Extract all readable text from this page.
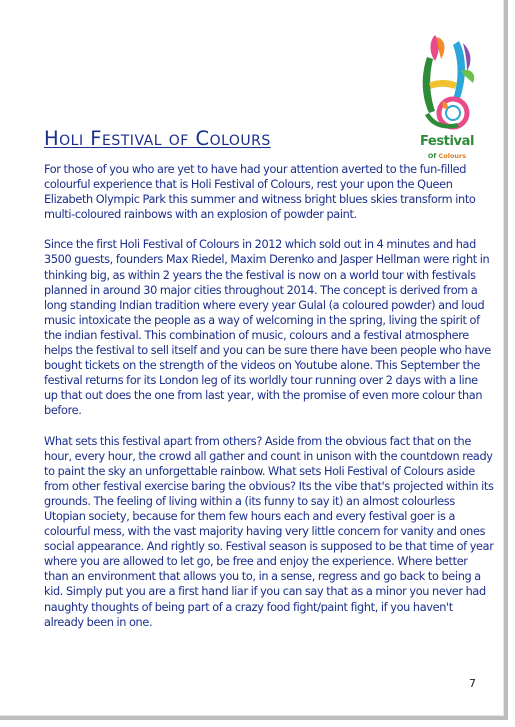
Festival
Of Colours
Holi Festival of Colours

For those of you who are yet to have had your attention averted to the fun-filled colourful experience that is Holi Festival of Colours, rest your upon the Queen Elizabeth Olympic Park this summer and witness bright blues skies transform into multi-coloured rainbows with an explosion of powder paint.

Since the first Holi Festival of Colours in 2012 which sold out in 4 minutes and had 3500 guests, founders Max Riedel, Maxim Derenko and Jasper Hellman were right in thinking big, as within 2 years the the festival is now on a world tour with festivals planned in around 30 major cities throughout 2014. The concept is derived from a long standing Indian tradition where every year Gulal (a coloured powder) and loud music intoxicate the people as a way of welcoming in the spring, living the spirit of the indian festival. This combination of music, colours and a festival atmosphere helps the festival to sell itself and you can be sure there have been people who have bought tickets on the strength of the videos on Youtube alone. This September the festival returns for its London leg of its worldly tour running over 2 days with a line up that out does the one from last year, with the promise of even more colour than before.

What sets this festival apart from others? Aside from the obvious fact that on the hour, every hour, the crowd all gather and count in unison with the countdown ready to paint the sky an unforgettable rainbow. What sets Holi Festival of Colours aside from other festival exercise baring the obvious? Its the vibe that's projected within its grounds. The feeling of living within a (its funny to say it) an almost colourless Utopian society, because for them few hours each and every festival goer is a colourful mess, with the vast majority having very little concern for vanity and ones social appearance. And rightly so. Festival season is supposed to be that time of year where you are allowed to let go, be free and enjoy the experience. Where better than an environment that allows you to, in a sense, regress and go back to being a kid. Simply put you are a first hand liar if you can say that as a minor you never had naughty thoughts of being part of a crazy food fight/paint fight, if you haven't already been in one.

7
